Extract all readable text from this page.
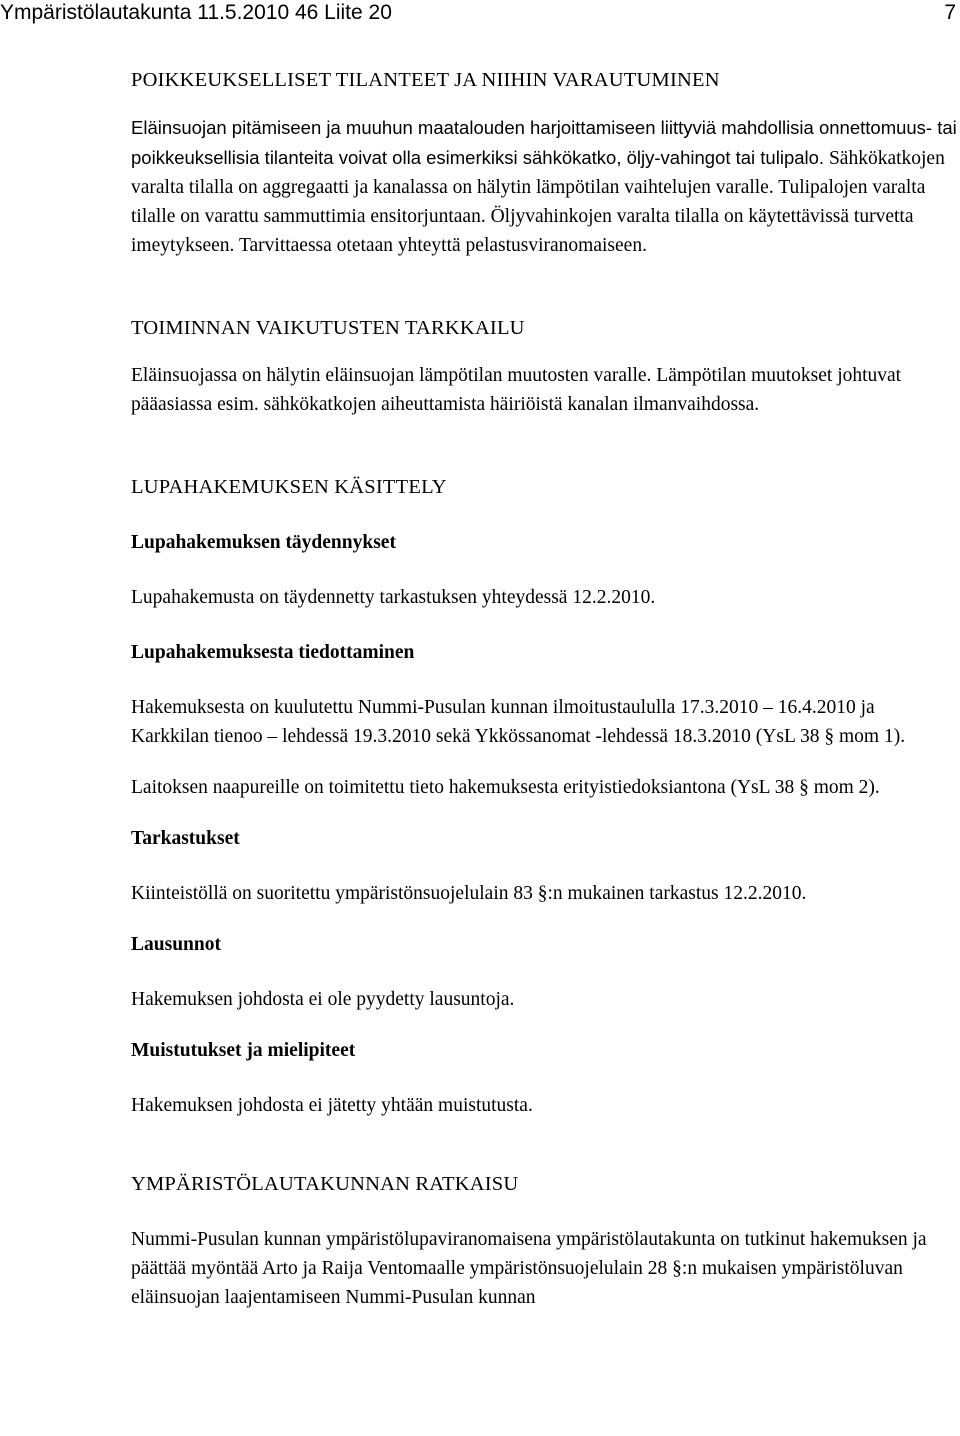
Ympäristölautakunta 11.5.2010 46 Liite 20	7
POIKKEUKSELLISET TILANTEET JA NIIHIN VARAUTUMINEN

Eläinsuojan pitämiseen ja muuhun maatalouden harjoittamiseen liittyviä mahdollisia onnettomuus- tai poikkeuksellisia tilanteita voivat olla esimerkiksi sähkökatko, öljy-vahingot tai tulipalo. Sähkökatkojen varalta tilalla on aggregaatti ja kanalassa on hälytin lämpötilan vaihtelujen varalle. Tulipalojen varalta tilalle on varattu sammuttimia ensitorjuntaan. Öljyvahinkojen varalta tilalla on käytettävissä turvetta imeytykseen. Tarvittaessa otetaan yhteyttä pelastusviranomaiseen.

TOIMINNAN VAIKUTUSTEN TARKKAILU

Eläinsuojassa on hälytin eläinsuojan lämpötilan muutosten varalle. Lämpötilan muutokset johtuvat pääasiassa esim. sähkökatkojen aiheuttamista häiriöistä kanalan ilmanvaihdossa.

LUPAHAKEMUKSEN KÄSITTELY
Lupahakemuksen täydennykset

Lupahakemusta on täydennetty tarkastuksen yhteydessä 12.2.2010.

Lupahakemuksesta tiedottaminen

Hakemuksesta on kuulutettu Nummi-Pusulan kunnan ilmoitustaululla 17.3.2010 – 16.4.2010 ja Karkkilan tienoo – lehdessä 19.3.2010 sekä Ykkössanomat -lehdessä 18.3.2010 (YsL 38 § mom 1).

Laitoksen naapureille on toimitettu tieto hakemuksesta erityistiedoksiantona (YsL 38 § mom 2).

Tarkastukset

Kiinteistöllä on suoritettu ympäristönsuojelulain 83 §:n mukainen tarkastus 12.2.2010.

Lausunnot

Hakemuksen johdosta ei ole pyydetty lausuntoja.

Muistutukset ja mielipiteet

Hakemuksen johdosta ei jätetty yhtään muistutusta.

YMPÄRISTÖLAUTAKUNNAN RATKAISU

Nummi-Pusulan kunnan ympäristölupaviranomaisena ympäristölautakunta on tutkinut hakemuksen ja päättää myöntää Arto ja Raija Ventomaalle ympäristönsuojelulain 28 §:n mukaisen ympäristöluvan eläinsuojan laajentamiseen Nummi-Pusulan kunnan
